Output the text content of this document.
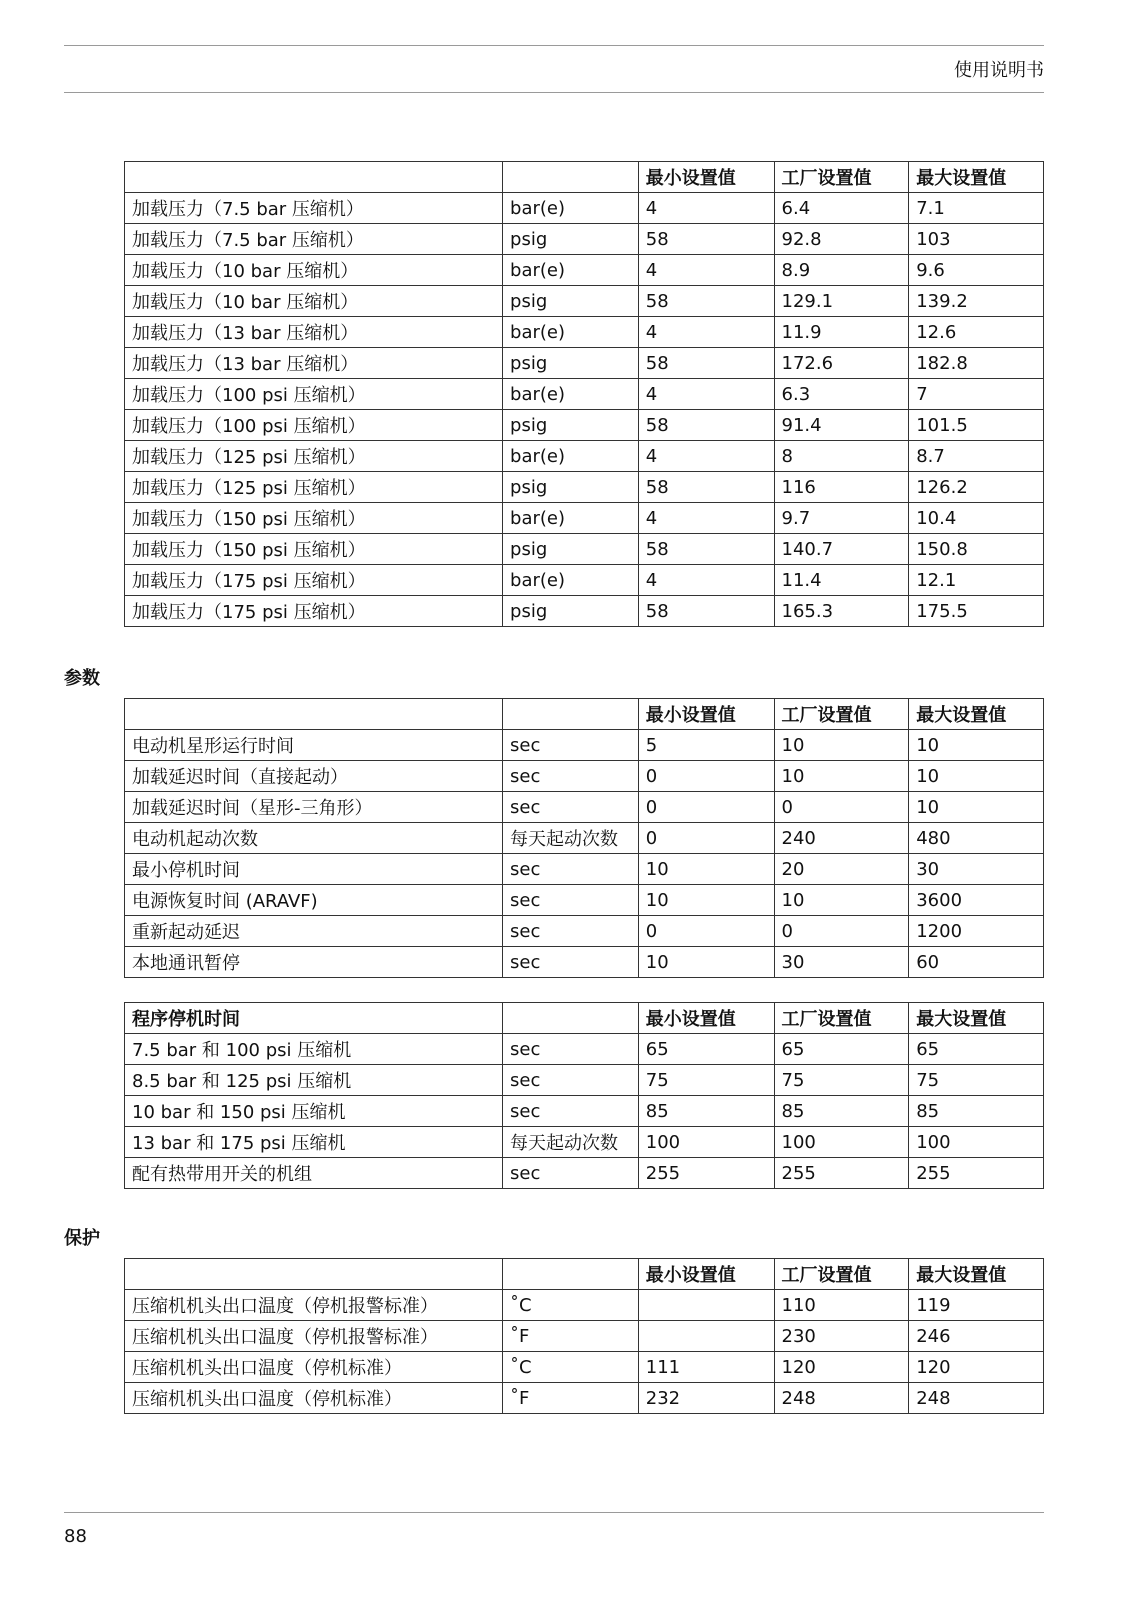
使用说明书
		最小设置值	工厂设置值	最大设置值
加载压力（7.5 bar 压缩机）	bar(e)	4	6.4	7.1
加载压力（7.5 bar 压缩机）	psig	58	92.8	103
加载压力（10 bar 压缩机）	bar(e)	4	8.9	9.6
加载压力（10 bar 压缩机）	psig	58	129.1	139.2
加载压力（13 bar 压缩机）	bar(e)	4	11.9	12.6
加载压力（13 bar 压缩机）	psig	58	172.6	182.8
加载压力（100 psi 压缩机）	bar(e)	4	6.3	7
加载压力（100 psi 压缩机）	psig	58	91.4	101.5
加载压力（125 psi 压缩机）	bar(e)	4	8	8.7
加载压力（125 psi 压缩机）	psig	58	116	126.2
加载压力（150 psi 压缩机）	bar(e)	4	9.7	10.4
加载压力（150 psi 压缩机）	psig	58	140.7	150.8
加载压力（175 psi 压缩机）	bar(e)	4	11.4	12.1
加载压力（175 psi 压缩机）	psig	58	165.3	175.5
参数
		最小设置值	工厂设置值	最大设置值
电动机星形运行时间	sec	5	10	10
加载延迟时间（直接起动）	sec	0	10	10
加载延迟时间（星形-三角形）	sec	0	0	10
电动机起动次数	每天起动次数	0	240	480
最小停机时间	sec	10	20	30
电源恢复时间 (ARAVF)	sec	10	10	3600
重新起动延迟	sec	0	0	1200
本地通讯暂停	sec	10	30	60
程序停机时间		最小设置值	工厂设置值	最大设置值
7.5 bar 和 100 psi 压缩机	sec	65	65	65
8.5 bar 和 125 psi 压缩机	sec	75	75	75
10 bar 和 150 psi 压缩机	sec	85	85	85
13 bar 和 175 psi 压缩机	每天起动次数	100	100	100
配有热带用开关的机组	sec	255	255	255
保护
		最小设置值	工厂设置值	最大设置值
压缩机机头出口温度（停机报警标准）	˚C		110	119
压缩机机头出口温度（停机报警标准）	˚F		230	246
压缩机机头出口温度（停机标准）	˚C	111	120	120
压缩机机头出口温度（停机标准）	˚F	232	248	248
88
